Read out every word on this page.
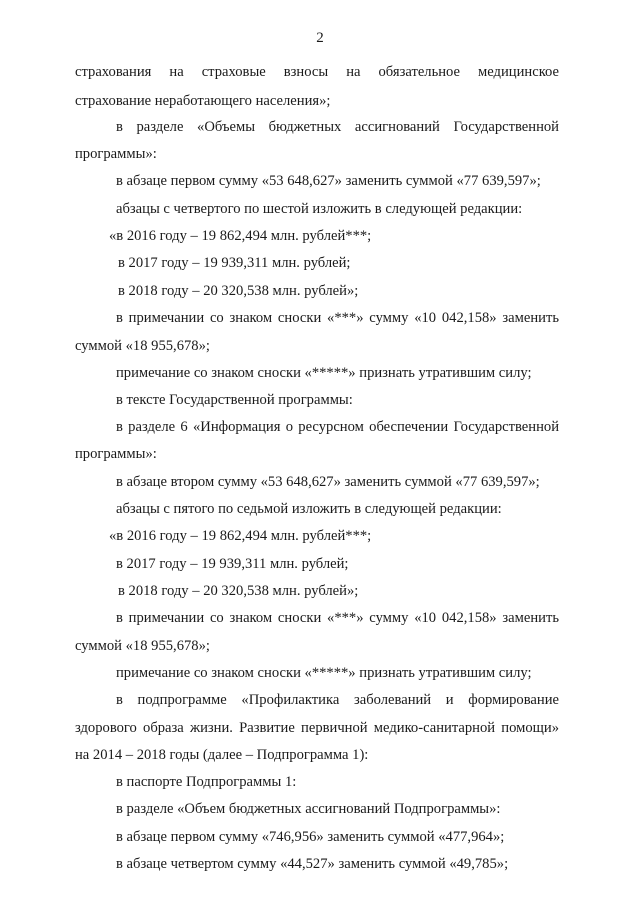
2
страхования на страховые взносы на обязательное медицинское
страхование неработающего населения»;
в разделе «Объемы бюджетных ассигнований Государственной
программы»:
в абзаце первом сумму «53 648,627» заменить суммой «77 639,597»;
абзацы с четвертого по шестой изложить в следующей редакции:
«в 2016 году – 19 862,494 млн. рублей***;
в 2017 году – 19 939,311 млн. рублей;
в 2018 году – 20 320,538 млн. рублей»;
в примечании со знаком сноски «***» сумму «10 042,158» заменить
суммой «18 955,678»;
примечание со знаком сноски «*****» признать утратившим силу;
в тексте Государственной программы:
в разделе 6 «Информация о ресурсном обеспечении Государственной
программы»:
в абзаце втором сумму «53 648,627» заменить суммой «77 639,597»;
абзацы с пятого по седьмой изложить в следующей редакции:
«в 2016 году – 19 862,494 млн. рублей***;
в 2017 году – 19 939,311 млн. рублей;
в 2018 году – 20 320,538 млн. рублей»;
в примечании со знаком сноски «***» сумму «10 042,158» заменить
суммой «18 955,678»;
примечание со знаком сноски «*****» признать утратившим силу;
в подпрограмме «Профилактика заболеваний и формирование
здорового образа жизни. Развитие первичной медико-санитарной помощи»
на 2014 – 2018 годы (далее – Подпрограмма 1):
в паспорте Подпрограммы 1:
в разделе «Объем бюджетных ассигнований Подпрограммы»:
в абзаце первом сумму «746,956» заменить суммой «477,964»;
в абзаце четвертом сумму «44,527» заменить суммой «49,785»;
